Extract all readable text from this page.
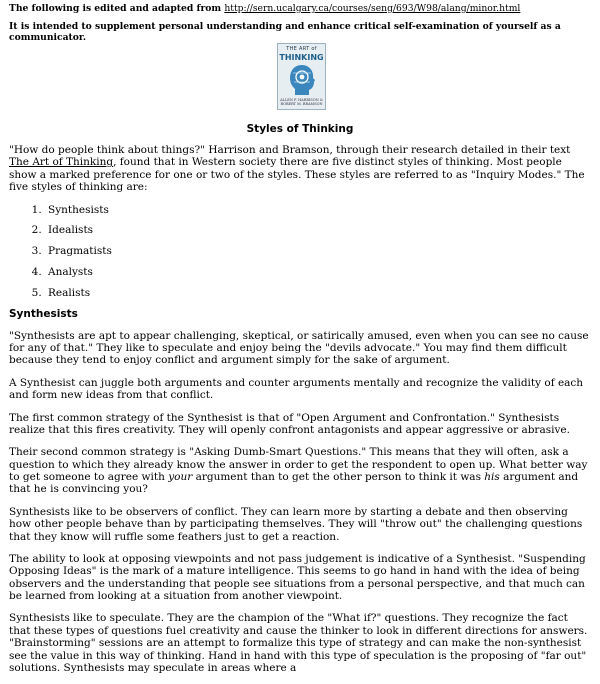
The following is edited and adapted from http://sern.ucalgary.ca/courses/seng/693/W98/alang/minor.html

It is intended to supplement personal understanding and enhance critical self-examination of yourself as a communicator.

THE ART of
THINKING
ALLEN F. HARRISON & ROBERT M. BRAMSON
Styles of Thinking

"How do people think about things?" Harrison and Bramson, through their research detailed in their text The Art of Thinking, found that in Western society there are five distinct styles of thinking. Most people show a marked preference for one or two of the styles. These styles are referred to as "Inquiry Modes." The five styles of thinking are:

1. Synthesists
2. Idealists
3. Pragmatists
4. Analysts
5. Realists
Synthesists

"Synthesists are apt to appear challenging, skeptical, or satirically amused, even when you can see no cause for any of that." They like to speculate and enjoy being the "devils advocate." You may find them difficult because they tend to enjoy conflict and argument simply for the sake of argument.

A Synthesist can juggle both arguments and counter arguments mentally and recognize the validity of each and form new ideas from that conflict.

The first common strategy of the Synthesist is that of "Open Argument and Confrontation." Synthesists realize that this fires creativity. They will openly confront antagonists and appear aggressive or abrasive.

Their second common strategy is "Asking Dumb-Smart Questions." This means that they will often, ask a question to which they already know the answer in order to get the respondent to open up. What better way to get someone to agree with your argument than to get the other person to think it was his argument and that he is convincing you?

Synthesists like to be observers of conflict. They can learn more by starting a debate and then observing how other people behave than by participating themselves. They will "throw out" the challenging questions that they know will ruffle some feathers just to get a reaction.

The ability to look at opposing viewpoints and not pass judgement is indicative of a Synthesist. "Suspending Opposing Ideas" is the mark of a mature intelligence. This seems to go hand in hand with the idea of being observers and the understanding that people see situations from a personal perspective, and that much can be learned from looking at a situation from another viewpoint.

Synthesists like to speculate. They are the champion of the "What if?" questions. They recognize the fact that these types of questions fuel creativity and cause the thinker to look in different directions for answers. "Brainstorming" sessions are an attempt to formalize this type of strategy and can make the non-synthesist see the value in this way of thinking. Hand in hand with this type of speculation is the proposing of "far out" solutions. Synthesists may speculate in areas where a
